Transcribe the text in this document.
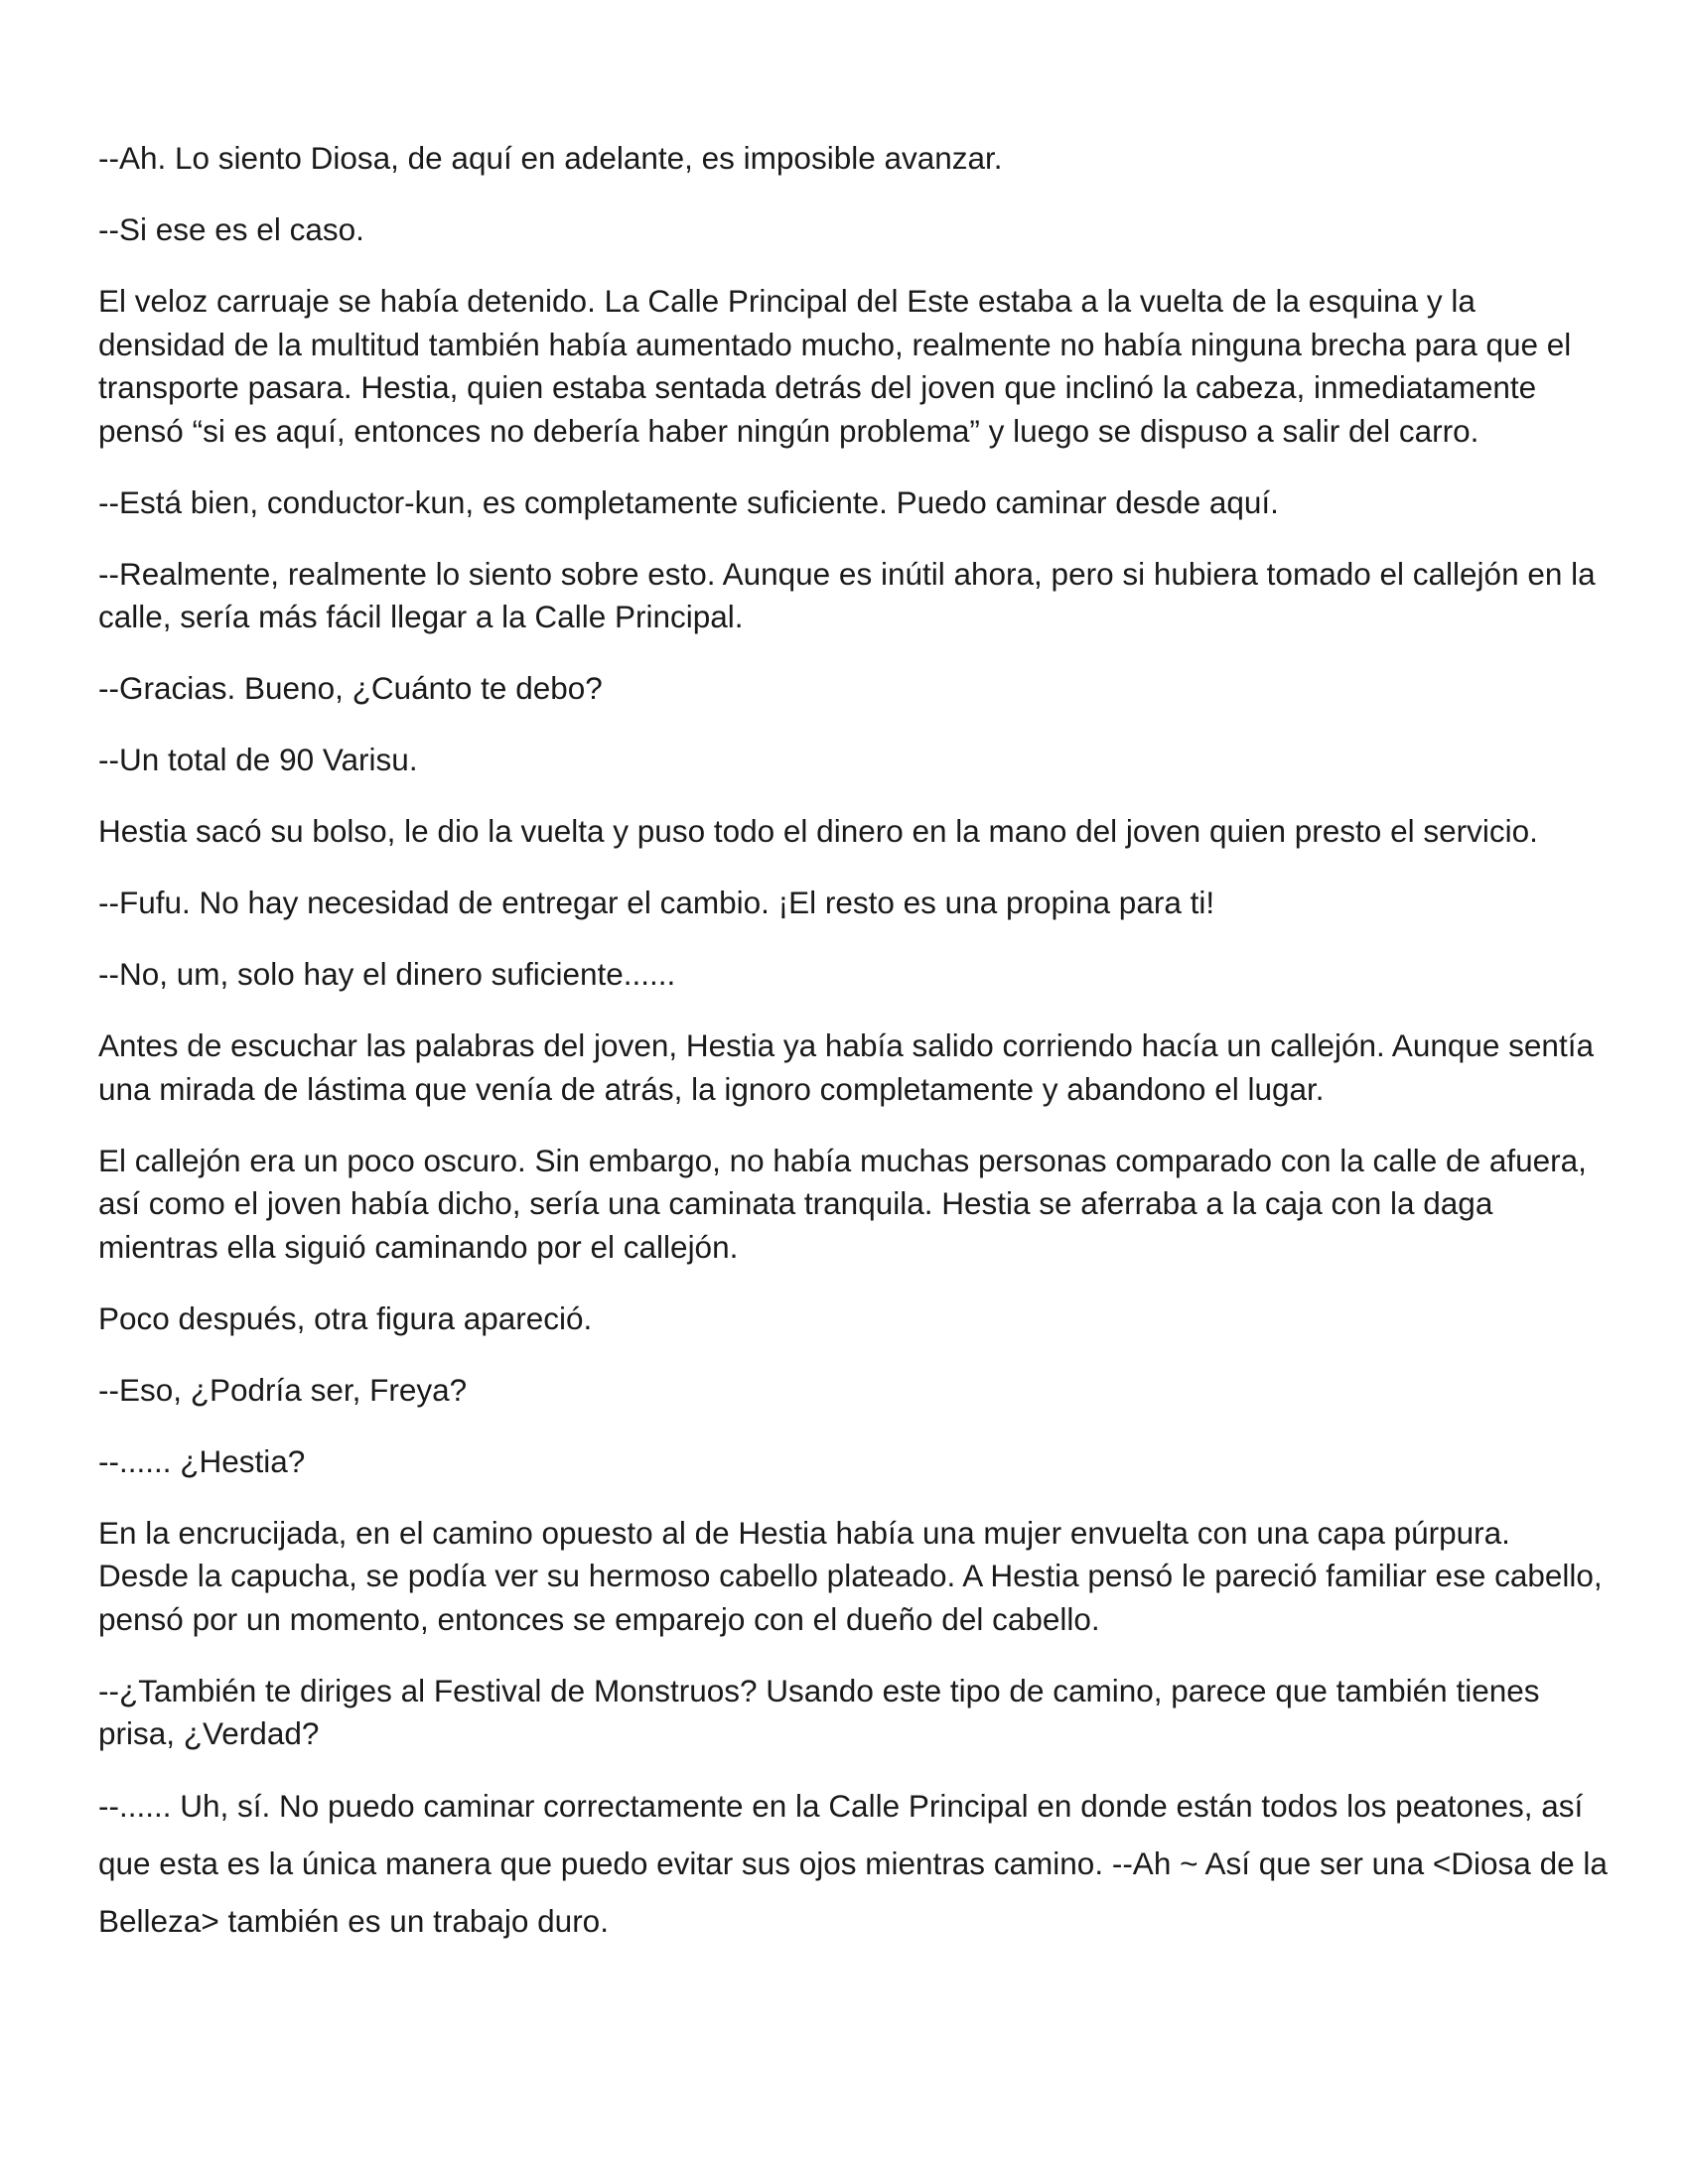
--Ah. Lo siento Diosa, de aquí en adelante, es imposible avanzar.

--Si ese es el caso.

El veloz carruaje se había detenido. La Calle Principal del Este estaba a la vuelta de la esquina y la densidad de la multitud también había aumentado mucho, realmente no había ninguna brecha para que el transporte pasara. Hestia, quien estaba sentada detrás del joven que inclinó la cabeza, inmediatamente pensó “si es aquí, entonces no debería haber ningún problema” y luego se dispuso a salir del carro.

--Está bien, conductor-kun, es completamente suficiente. Puedo caminar desde aquí.

--Realmente, realmente lo siento sobre esto. Aunque es inútil ahora, pero si hubiera tomado el callejón en la calle, sería más fácil llegar a la Calle Principal.

--Gracias. Bueno, ¿Cuánto te debo?

--Un total de 90 Varisu.

Hestia sacó su bolso, le dio la vuelta y puso todo el dinero en la mano del joven quien presto el servicio.

--Fufu. No hay necesidad de entregar el cambio. ¡El resto es una propina para ti!

--No, um, solo hay el dinero suficiente......

Antes de escuchar las palabras del joven, Hestia ya había salido corriendo hacía un callejón. Aunque sentía una mirada de lástima que venía de atrás, la ignoro completamente y abandono el lugar.

El callejón era un poco oscuro. Sin embargo, no había muchas personas comparado con la calle de afuera, así como el joven había dicho, sería una caminata tranquila. Hestia se aferraba a la caja con la daga mientras ella siguió caminando por el callejón.

Poco después, otra figura apareció.

--Eso, ¿Podría ser, Freya?

--...... ¿Hestia?

En la encrucijada, en el camino opuesto al de Hestia había una mujer envuelta con una capa púrpura. Desde la capucha, se podía ver su hermoso cabello plateado. A Hestia pensó le pareció familiar ese cabello, pensó por un momento, entonces se emparejo con el dueño del cabello.

--¿También te diriges al Festival de Monstruos? Usando este tipo de camino, parece que también tienes prisa, ¿Verdad?

--...... Uh, sí. No puedo caminar correctamente en la Calle Principal en donde están todos los peatones, así que esta es la única manera que puedo evitar sus ojos mientras camino. --Ah ~ Así que ser una <Diosa de la Belleza> también es un trabajo duro.
